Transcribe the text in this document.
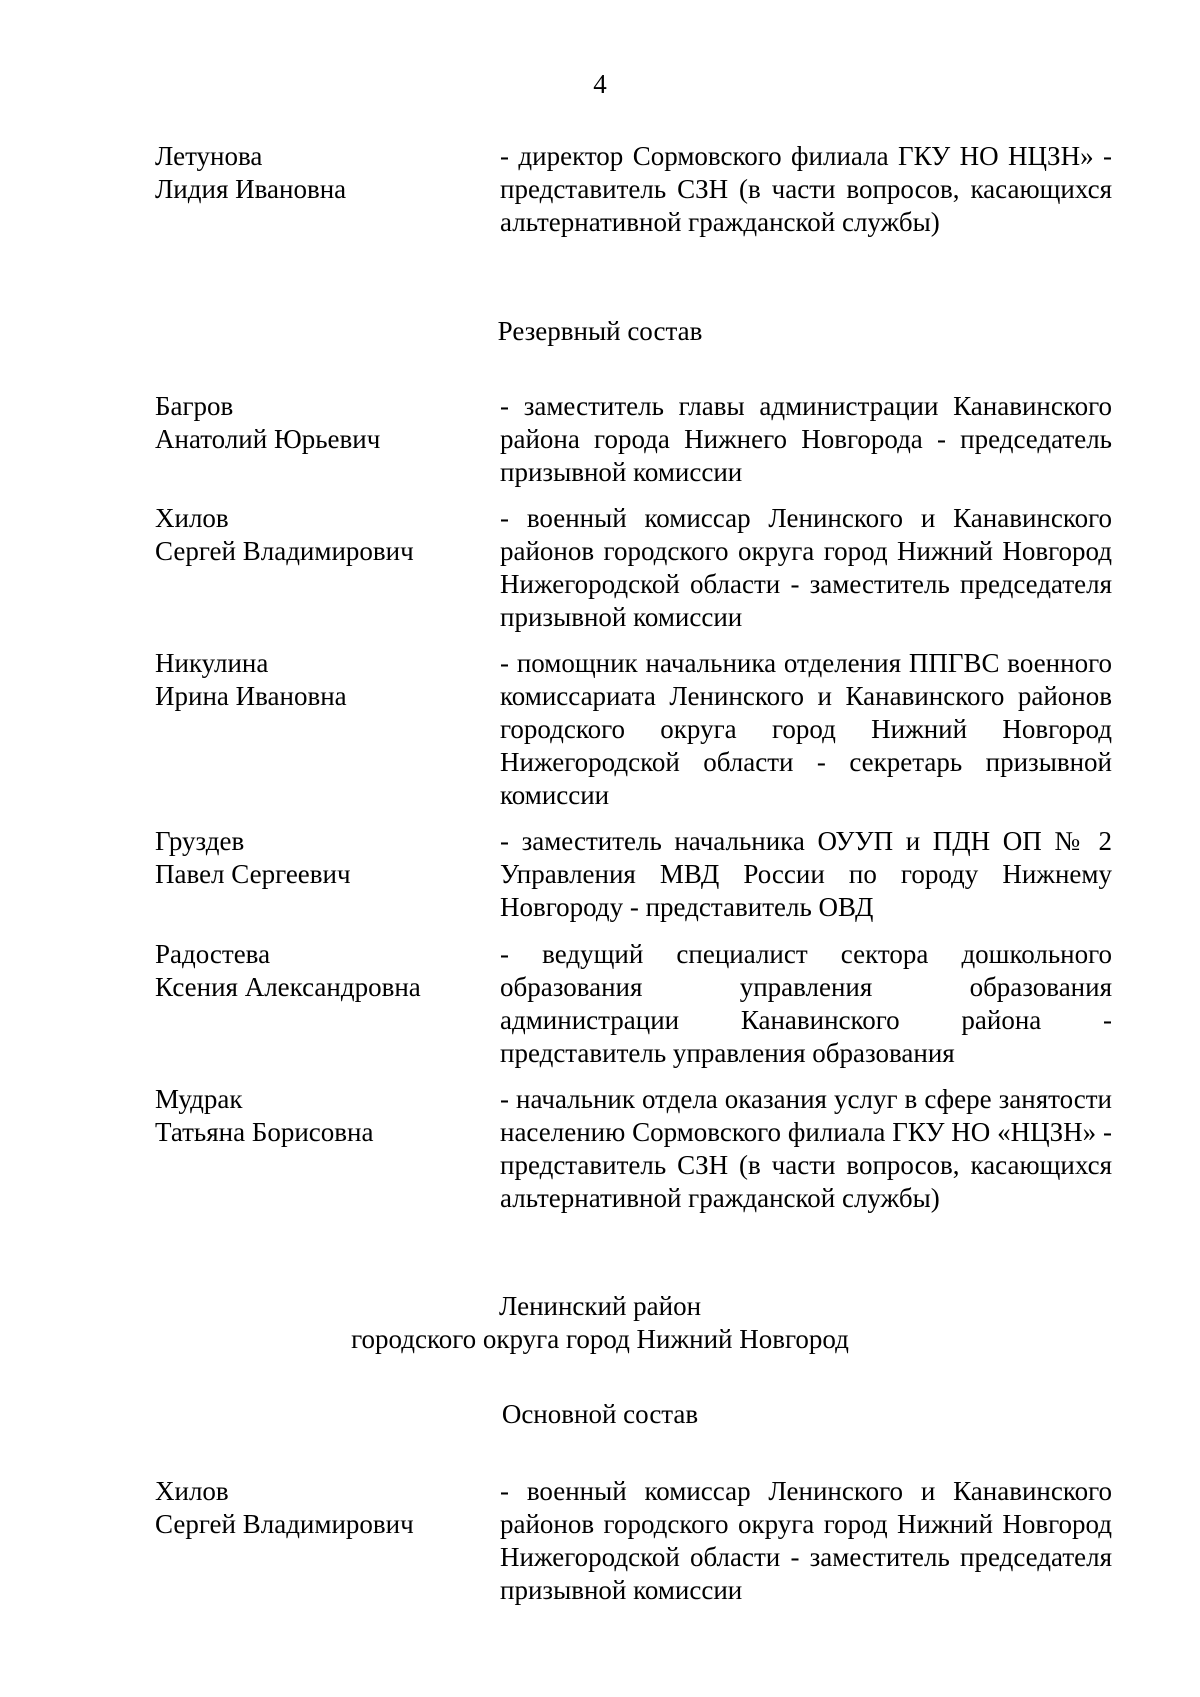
4
Летунова
Лидия Ивановна
- директор Сормовского филиала ГКУ НО НЦЗН» - представитель СЗН (в части вопросов, касающихся альтернативной гражданской службы)
Резервный состав
Багров
Анатолий Юрьевич
- заместитель главы администрации Канавинского района города Нижнего Новгорода - председатель призывной комиссии
Хилов
Сергей Владимирович
- военный комиссар Ленинского и Канавинского районов городского округа город Нижний Новгород Нижегородской области - заместитель председателя призывной комиссии
Никулина
Ирина Ивановна
- помощник начальника отделения ППГВС военного комиссариата Ленинского и Канавинского районов городского округа город Нижний Новгород Нижегородской области - секретарь призывной комиссии
Груздев
Павел Сергеевич
- заместитель начальника ОУУП и ПДН ОП № 2 Управления МВД России по городу Нижнему Новгороду - представитель ОВД
Радостева
Ксения Александровна
- ведущий специалист сектора дошкольного образования управления образования администрации Канавинского района - представитель управления образования
Мудрак
Татьяна Борисовна
- начальник отдела оказания услуг в сфере занятости населению Сормовского филиала ГКУ НО «НЦЗН» - представитель СЗН (в части вопросов, касающихся альтернативной гражданской службы)
Ленинский район
городского округа город Нижний Новгород
Основной состав
Хилов
Сергей Владимирович
- военный комиссар Ленинского и Канавинского районов городского округа город Нижний Новгород Нижегородской области - заместитель председателя призывной комиссии
